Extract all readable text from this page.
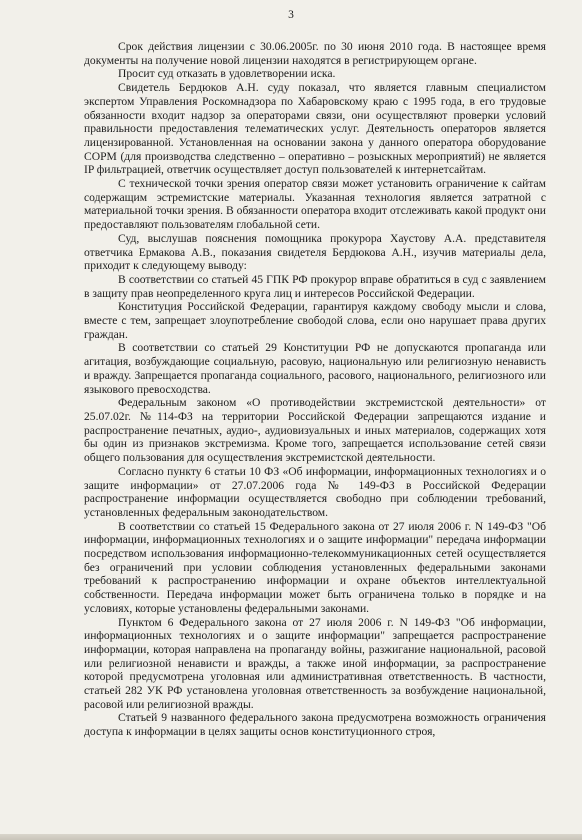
3

Срок действия лицензии с 30.06.2005г. по 30 июня 2010 года. В настоящее время документы на получение новой лицензии находятся в регистрирующем органе.

Просит суд отказать в удовлетворении иска.

Свидетель Бердюков А.Н. суду показал, что является главным специалистом экспертом Управления Роскомнадзора по Хабаровскому краю с 1995 года, в его трудовые обязанности входит надзор за операторами связи, они осуществляют проверки условий правильности предоставления телематических услуг. Деятельность операторов является лицензированной. Установленная на основании закона у данного оператора оборудование СОРМ (для производства следственно – оперативно – розыскных мероприятий) не является IP фильтрацией, ответчик осуществляет доступ пользователей к интернетсайтам.

С технической точки зрения оператор связи может установить ограничение к сайтам содержащим эстремистские материалы. Указанная технология является затратной с материальной точки зрения. В обязанности оператора входит отслеживать какой продукт они предоставляют пользователям глобальной сети.

Суд, выслушав пояснения помощника прокурора Хаустову А.А. представителя ответчика Ермакова А.В., показания свидетеля Бердюкова А.Н., изучив материалы дела, приходит к следующему выводу:

В соответствии со статьей 45 ГПК РФ прокурор вправе обратиться в суд с заявлением в защиту прав неопределенного круга лиц и интересов Российской Федерации.

Конституция Российской Федерации, гарантируя каждому свободу мысли и слова, вместе с тем, запрещает злоупотребление свободой слова, если оно нарушает права других граждан.

В соответствии со статьей 29 Конституции РФ не допускаются пропаганда или агитация, возбуждающие социальную, расовую, национальную или религиозную ненависть и вражду. Запрещается пропаганда социального, расового, национального, религиозного или языкового превосходства.

Федеральным законом «О противодействии экстремистской деятельности» от 25.07.02г. №114-ФЗ на территории Российской Федерации запрещаются издание и распространение печатных, аудио-, аудиовизуальных и иных материалов, содержащих хотя бы один из признаков экстремизма. Кроме того, запрещается использование сетей связи общего пользования для осуществления экстремистской деятельности.

Согласно пункту 6 статьи 10 ФЗ «Об информации, информационных технологиях и о защите информации» от 27.07.2006 года № 149-ФЗ в Российской Федерации распространение информации осуществляется свободно при соблюдении требований, установленных федеральным законодательством.

В соответствии со статьей 15 Федерального закона от 27 июля 2006 г. N 149-ФЗ "Об информации, информационных технологиях и о защите информации" передача информации посредством использования информационно-телекоммуникационных сетей осуществляется без ограничений при условии соблюдения установленных федеральными законами требований к распространению информации и охране объектов интеллектуальной собственности. Передача информации может быть ограничена только в порядке и на условиях, которые установлены федеральными законами.

Пунктом 6 Федерального закона от 27 июля 2006 г. N 149-ФЗ "Об информации, информационных технологиях и о защите информации" запрещается распространение информации, которая направлена на пропаганду войны, разжигание национальной, расовой или религиозной ненависти и вражды, а также иной информации, за распространение которой предусмотрена уголовная или административная ответственность. В частности, статьей 282 УК РФ установлена уголовная ответственность за возбуждение национальной, расовой или религиозной вражды.

Статьей 9 названного федерального закона предусмотрена возможность ограничения доступа к информации в целях защиты основ конституционного строя,
